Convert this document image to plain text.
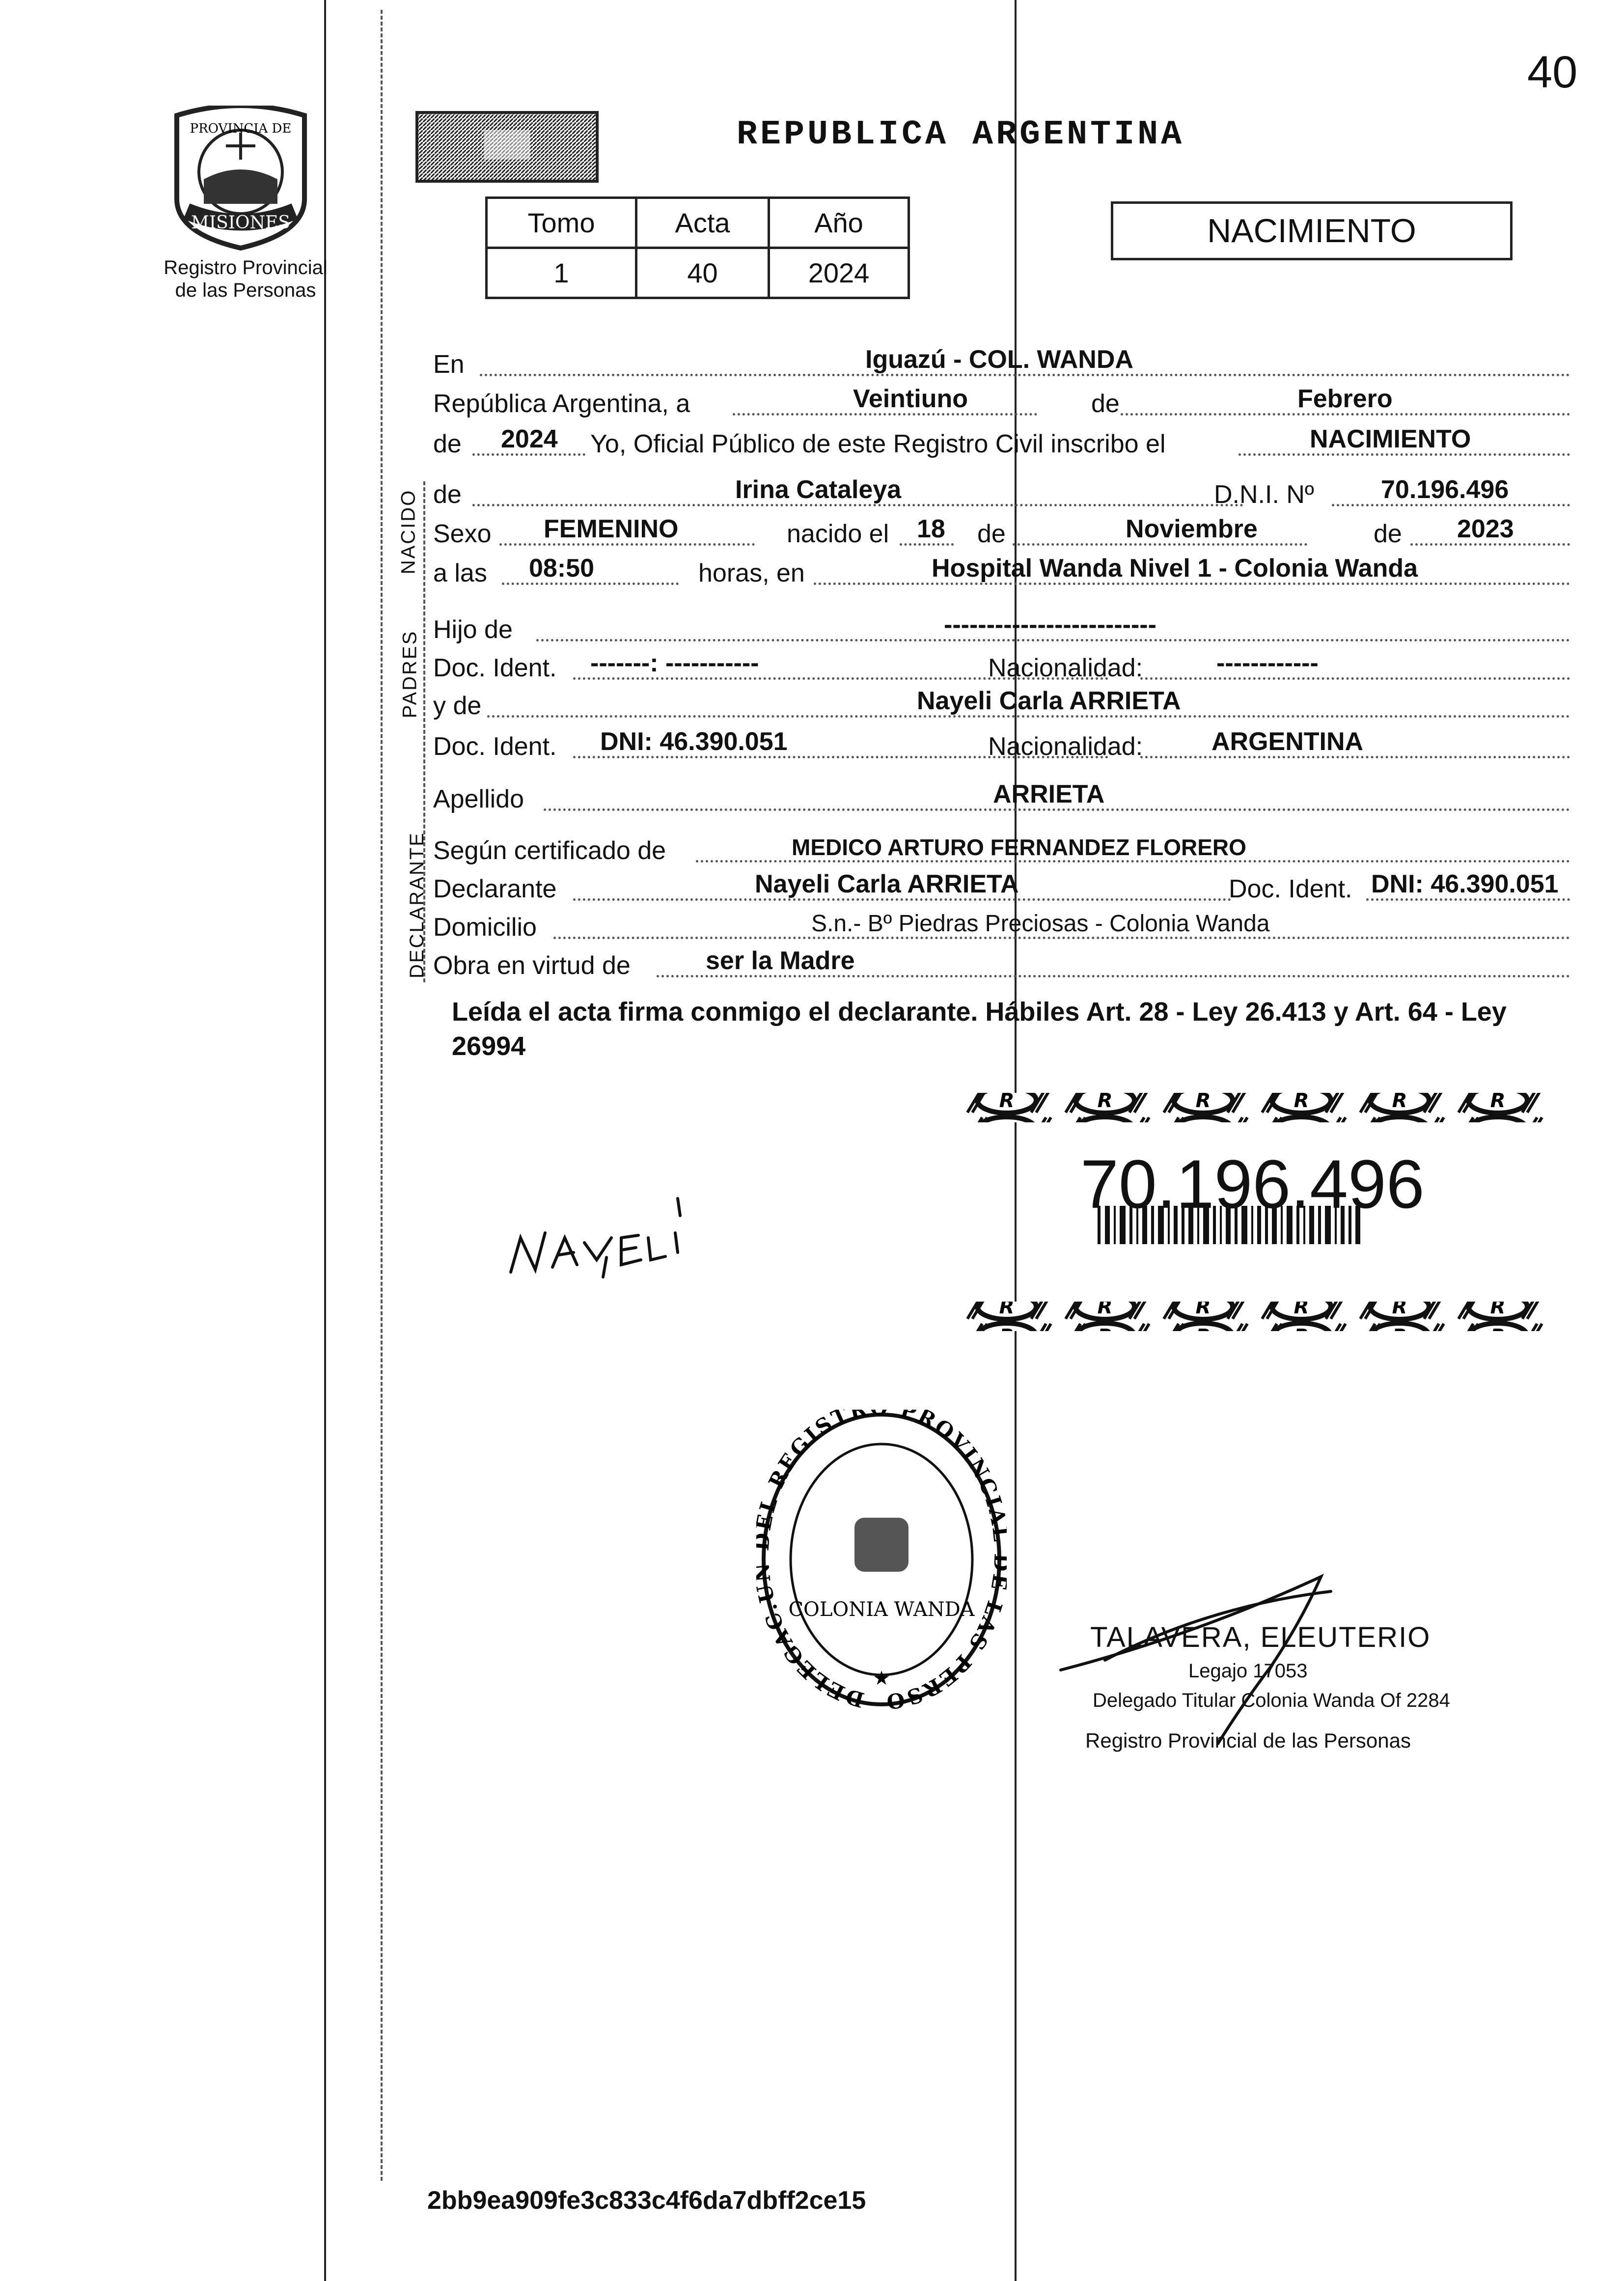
40
PROVINCIA DE
MISIONES
Registro Provincial
de las Personas
REPUBLICA ARGENTINA
Tomo	Acta	Año
1	40	2024
NACIMIENTO
NACIDO
PADRES
DECLARANTE
En	Iguazú - COL. WANDA
República Argentina, a	Veintiuno	de	Febrero
de 2024 Yo, Oficial Público de este Registro Civil inscribo el	NACIMIENTO
de	Irina Cataleya	D.N.I. Nº	70.196.496
Sexo FEMENINO	nacido el 18 de	Noviembre	de 2023
a las 08:50	horas, en	Hospital Wanda Nivel 1 - Colonia Wanda
Hijo de	-------------------------
Doc. Ident. -------: -----------	Nacionalidad:	------------
y de	Nayeli Carla ARRIETA
Doc. Ident. DNI: 46.390.051	Nacionalidad:	ARGENTINA
Apellido	ARRIETA
Según certificado de	MEDICO ARTURO FERNANDEZ FLORERO
Declarante	Nayeli Carla ARRIETA	Doc. Ident. DNI: 46.390.051
Domicilio	S.n.- Bº Piedras Preciosas - Colonia Wanda
Obra en virtud de	ser la Madre
Leída el acta firma conmigo el declarante. Hábiles Art. 28 - Ley 26.413 y Art. 64 - Ley 26994
70.196.496
DELEGAC. L REGISTR PROVINCI LAS PERSO
COLONIA WANDA
★
TALAVERA, ELEUTERIO
Legajo 17053
Delegado Titular Colonia Wanda Of 2284
Registro Provincial de las Personas
2bb9ea909fe3c833c4f6da7dbff2ce15
